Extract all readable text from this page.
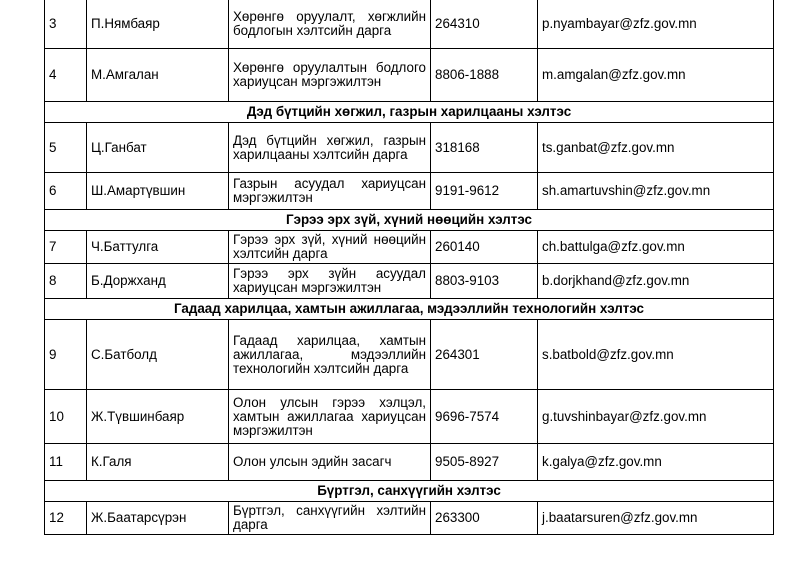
3	П.Нямбаяр	Хөрөнгө оруулалт, хөгжлийн бодлогын хэлтсийн дарга	264310	p.nyambayar@zfz.gov.mn
4	М.Амгалан	Хөрөнгө оруулалтын бодлого хариуцсан мэргэжилтэн	8806-1888	m.amgalan@zfz.gov.mn
Дэд бүтцийн хөгжил, газрын харилцааны хэлтэс				
5	Ц.Ганбат	Дэд бүтцийн хөгжил, газрын харилцааны хэлтсийн дарга	318168	ts.ganbat@zfz.gov.mn
6	Ш.Амартүвшин	Газрын асуудал хариуцсан мэргэжилтэн	9191-9612	sh.amartuvshin@zfz.gov.mn
Гэрээ эрх зүй, хүний нөөцийн хэлтэс				
7	Ч.Баттулга	Гэрээ эрх зүй, хүний нөөцийн хэлтсийн дарга	260140	ch.battulga@zfz.gov.mn
8	Б.Доржханд	Гэрээ эрх зүйн асуудал хариуцсан мэргэжилтэн	8803-9103	b.dorjkhand@zfz.gov.mn
Гадаад харилцаа, хамтын ажиллагаа, мэдээллийн технологийн хэлтэс				
9	С.Батболд	Гадаад харилцаа, хамтын ажиллагаа, мэдээллийн технологийн хэлтсийн дарга	264301	s.batbold@zfz.gov.mn
10	Ж.Түвшинбаяр	Олон улсын гэрээ хэлцэл, хамтын ажиллагаа хариуцсан мэргэжилтэн	9696-7574	g.tuvshinbayar@zfz.gov.mn
11	К.Галя	Олон улсын эдийн засагч	9505-8927	k.galya@zfz.gov.mn
Бүртгэл, санхүүгийн хэлтэс				
12	Ж.Баатарсүрэн	Бүртгэл, санхүүгийн хэлтийн дарга	263300	j.baatarsuren@zfz.gov.mn
